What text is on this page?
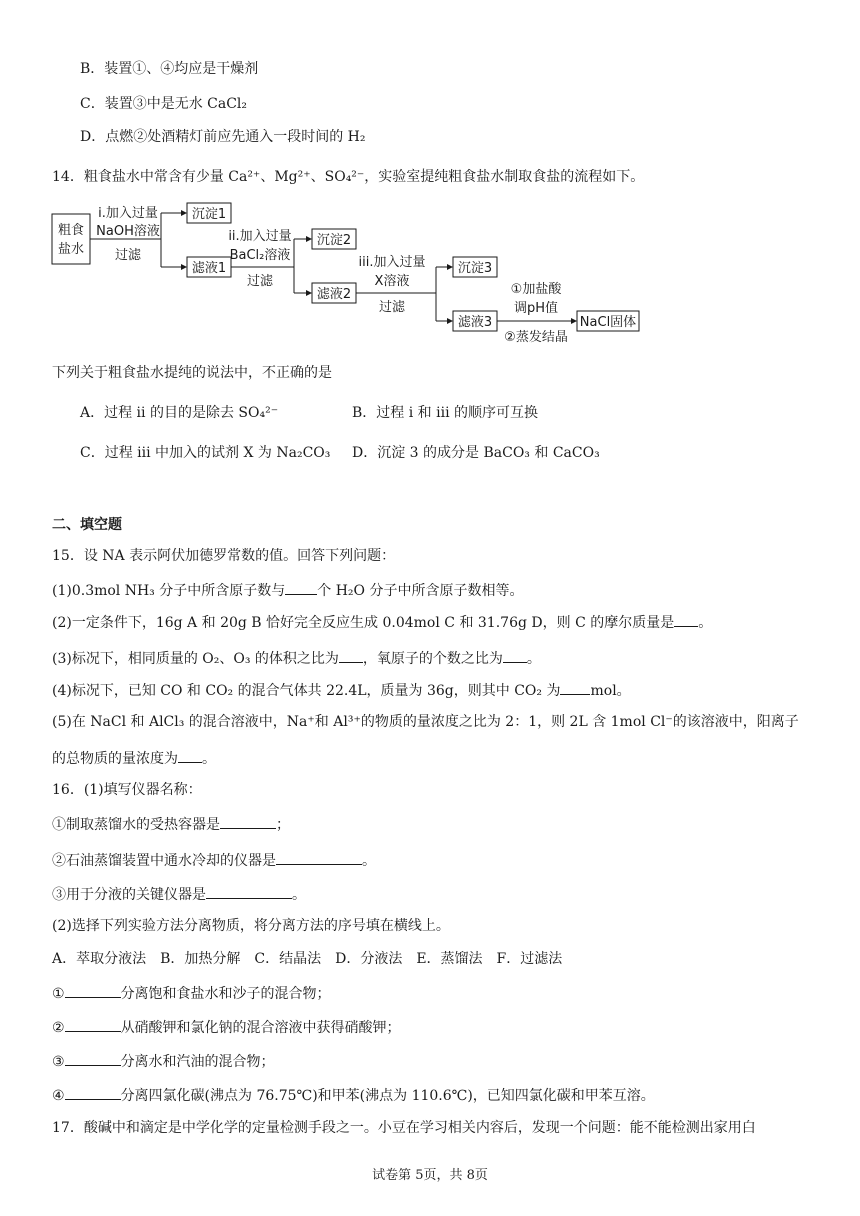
B．装置①、④均应是干燥剂
C．装置③中是无水 CaCl₂
D．点燃②处酒精灯前应先通入一段时间的 H₂
14．粗食盐水中常含有少量 Ca²⁺、Mg²⁺、SO₄²⁻，实验室提纯粗食盐水制取食盐的流程如下。
粗食
盐水
i.加入过量
NaOH溶液
过滤
沉淀1
滤液1
ii.加入过量
BaCl₂溶液
过滤
沉淀2
滤液2
iii.加入过量
X溶液
过滤
沉淀3
滤液3
①加盐酸
调pH值
②蒸发结晶
NaCl固体
下列关于粗食盐水提纯的说法中，不正确的是
A．过程 ii 的目的是除去 SO₄²⁻	B．过程 i 和 iii 的顺序可互换
C．过程 iii 中加入的试剂 X 为 Na₂CO₃ D．沉淀 3 的成分是 BaCO₃ 和 CaCO₃
二、填空题
15．设 NA 表示阿伏加德罗常数的值。回答下列问题：
(1)0.3mol NH₃ 分子中所含原子数与 个 H₂O 分子中所含原子数相等。
(2)一定条件下，16g A 和 20g B 恰好完全反应生成 0.04mol C 和 31.76g D，则 C 的摩尔质量是 。
(3)标况下，相同质量的 O₂、O₃ 的体积之比为 ，氧原子的个数之比为 。
(4)标况下，已知 CO 和 CO₂ 的混合气体共 22.4L，质量为 36g，则其中 CO₂ 为 mol。
(5)在 NaCl 和 AlCl₃ 的混合溶液中，Na⁺和 Al³⁺的物质的量浓度之比为 2：1，则 2L 含 1mol Cl⁻的该溶液中，阳离子
的总物质的量浓度为 。
16．(1)填写仪器名称：
①制取蒸馏水的受热容器是	；
②石油蒸馏装置中通水冷却的仪器是	。
③用于分液的关键仪器是	。
(2)选择下列实验方法分离物质，将分离方法的序号填在横线上。
A．萃取分液法　B．加热分解　C．结晶法　D．分液法　E．蒸馏法　F．过滤法
①	分离饱和食盐水和沙子的混合物；
②	从硝酸钾和氯化钠的混合溶液中获得硝酸钾；
③	分离水和汽油的混合物；
④	分离四氯化碳(沸点为 76.75℃)和甲苯(沸点为 110.6℃)，已知四氯化碳和甲苯互溶。
17．酸碱中和滴定是中学化学的定量检测手段之一。小豆在学习相关内容后，发现一个问题：能不能检测出家用白
试卷第 5页，共 8页
